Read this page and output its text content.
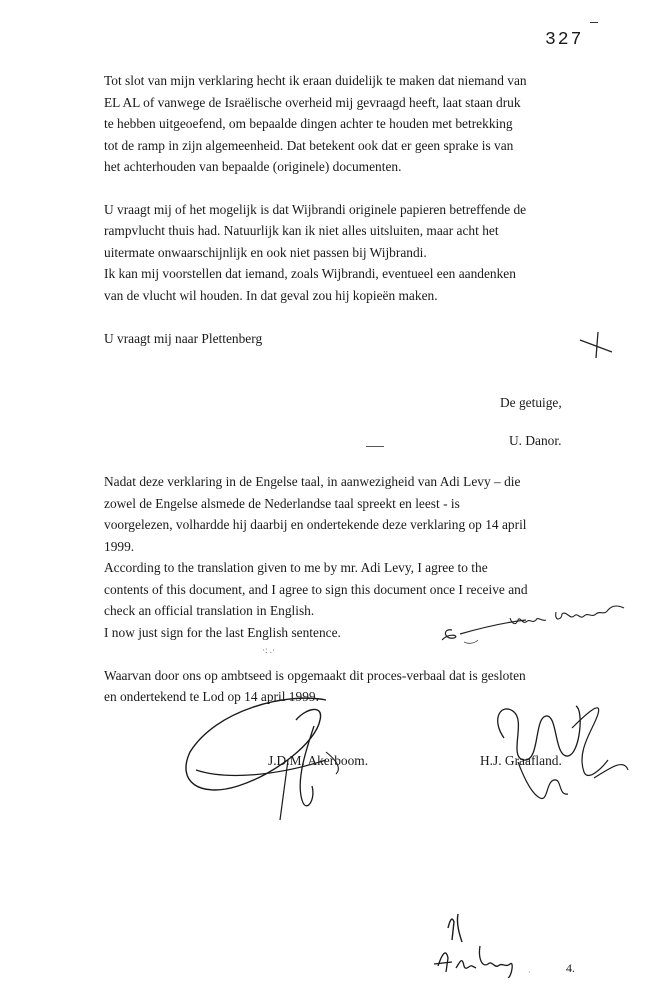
327
Tot slot van mijn verklaring hecht ik eraan duidelijk te maken dat niemand van
EL AL of vanwege de Israëlische overheid mij gevraagd heeft, laat staan druk
te hebben uitgeoefend, om bepaalde dingen achter te houden met betrekking
tot de ramp in zijn algemeenheid. Dat betekent ook dat er geen sprake is van
het achterhouden van bepaalde (originele) documenten.
U vraagt mij of het mogelijk is dat Wijbrandi originele papieren betreffende de
rampvlucht thuis had. Natuurlijk kan ik niet alles uitsluiten, maar acht het
uitermate onwaarschijnlijk en ook niet passen bij Wijbrandi.
Ik kan mij voorstellen dat iemand, zoals Wijbrandi, eventueel een aandenken
van de vlucht wil houden. In dat geval zou hij kopieën maken.
U vraagt mij naar Plettenberg
De getuige,
U. Danor.
Nadat deze verklaring in de Engelse taal, in aanwezigheid van Adi Levy – die
zowel de Engelse alsmede de Nederlandse taal spreekt en leest - is
voorgelezen, volhardde hij daarbij en ondertekende deze verklaring op 14 april
1999.
According to the translation given to me by mr. Adi Levy, I agree to the
contents of this document, and I agree to sign this document once I receive and
check an official translation in English.
I now just sign for the last English sentence.
·: .·
Waarvan door ons op ambtseed is opgemaakt dit proces-verbaal dat is gesloten
en ondertekend te Lod op 14 april 1999.
J.D.M. Akerboom.	H.J. Graafland.
·	4.
